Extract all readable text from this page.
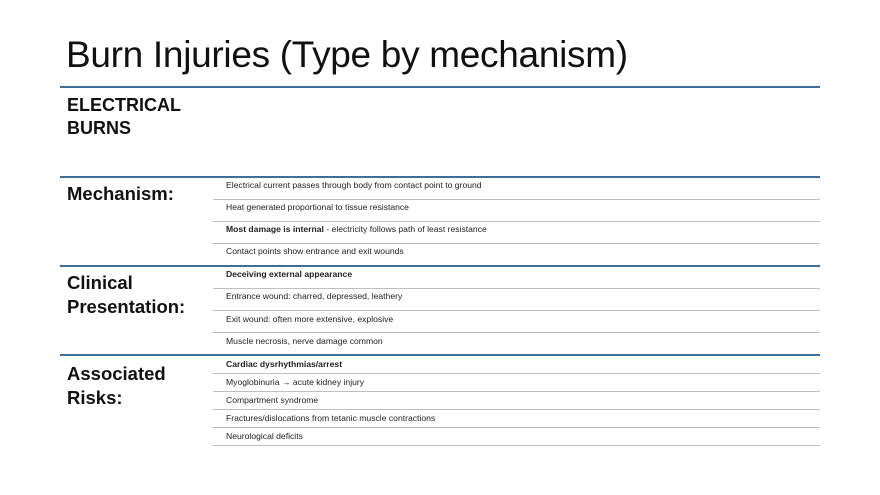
Burn Injuries (Type by mechanism)
ELECTRICAL
BURNS
Mechanism:	Electrical current passes through body from contact point to ground
Heat generated proportional to tissue resistance
Most damage is internal - electricity follows path of least resistance
Contact points show entrance and exit wounds
Clinical
Presentation:
Deceiving external appearance
Entrance wound: charred, depressed, leathery
Exit wound: often more extensive, explosive
Muscle necrosis, nerve damage common
Associated
Risks:
Cardiac dysrhythmias/arrest
Myoglobinuria → acute kidney injury
Compartment syndrome
Fractures/dislocations from tetanic muscle contractions
Neurological deficits
